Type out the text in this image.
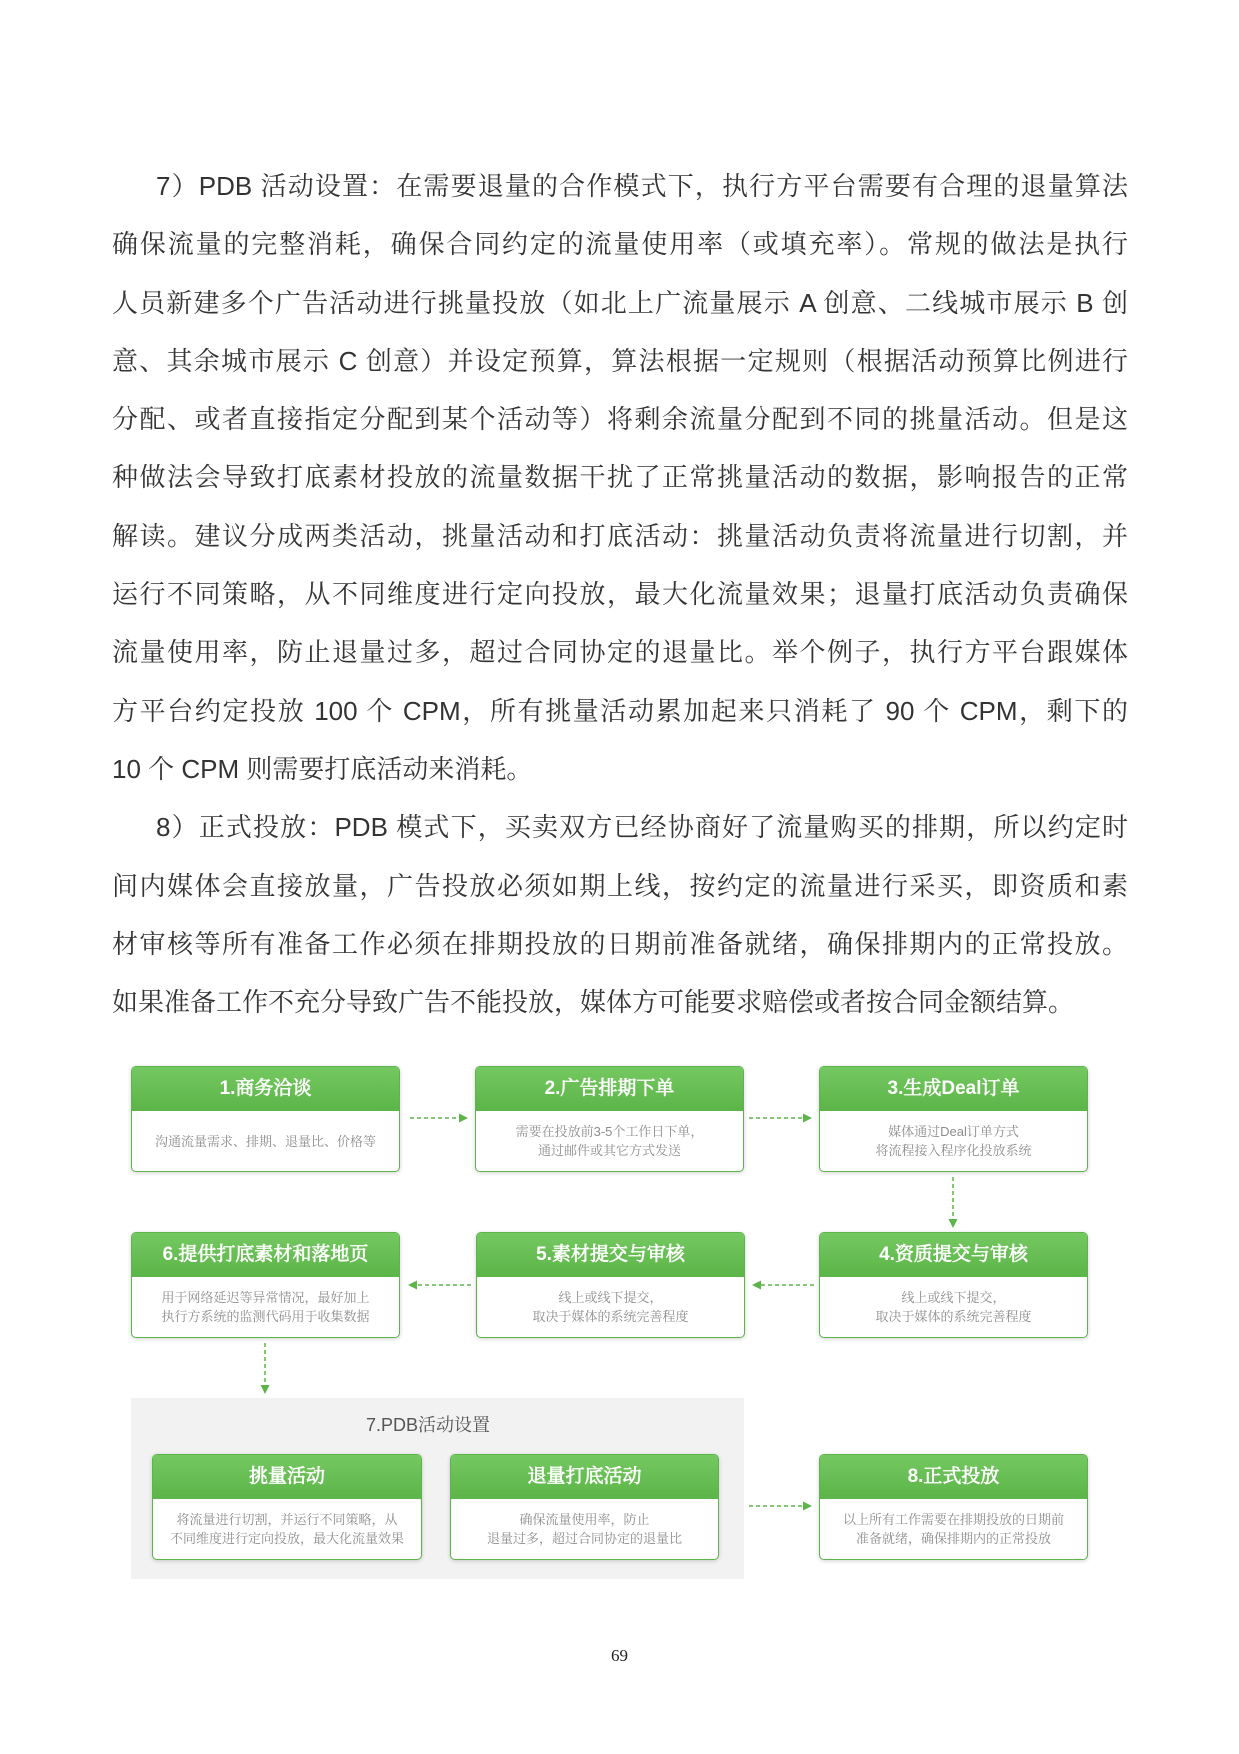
7）PDB 活动设置：在需要退量的合作模式下，执行方平台需要有合理的退量算法
确保流量的完整消耗，确保合同约定的流量使用率（或填充率）。常规的做法是执行
人员新建多个广告活动进行挑量投放（如北上广流量展示 A 创意、二线城市展示 B 创
意、其余城市展示 C 创意）并设定预算，算法根据一定规则（根据活动预算比例进行
分配、或者直接指定分配到某个活动等）将剩余流量分配到不同的挑量活动。但是这
种做法会导致打底素材投放的流量数据干扰了正常挑量活动的数据，影响报告的正常
解读。建议分成两类活动，挑量活动和打底活动：挑量活动负责将流量进行切割，并
运行不同策略，从不同维度进行定向投放，最大化流量效果；退量打底活动负责确保
流量使用率，防止退量过多，超过合同协定的退量比。举个例子，执行方平台跟媒体
方平台约定投放 100 个 CPM，所有挑量活动累加起来只消耗了 90 个 CPM，剩下的
10 个 CPM 则需要打底活动来消耗。
8）正式投放：PDB 模式下，买卖双方已经协商好了流量购买的排期，所以约定时
间内媒体会直接放量，广告投放必须如期上线，按约定的流量进行采买，即资质和素
材审核等所有准备工作必须在排期投放的日期前准备就绪，确保排期内的正常投放。
如果准备工作不充分导致广告不能投放，媒体方可能要求赔偿或者按合同金额结算。
1.商务洽谈
沟通流量需求、排期、退量比、价格等
2.广告排期下单
需要在投放前3-5个工作日下单，
通过邮件或其它方式发送
3.生成Deal订单
媒体通过Deal订单方式
将流程接入程序化投放系统
6.提供打底素材和落地页
用于网络延迟等异常情况，最好加上
执行方系统的监测代码用于收集数据
5.素材提交与审核
线上或线下提交，
取决于媒体的系统完善程度
4.资质提交与审核
线上或线下提交，
取决于媒体的系统完善程度
7.PDB活动设置
挑量活动
将流量进行切割，并运行不同策略，从
不同维度进行定向投放，最大化流量效果
退量打底活动
确保流量使用率，防止
退量过多，超过合同协定的退量比
8.正式投放
以上所有工作需要在排期投放的日期前
准备就绪，确保排期内的正常投放
69
